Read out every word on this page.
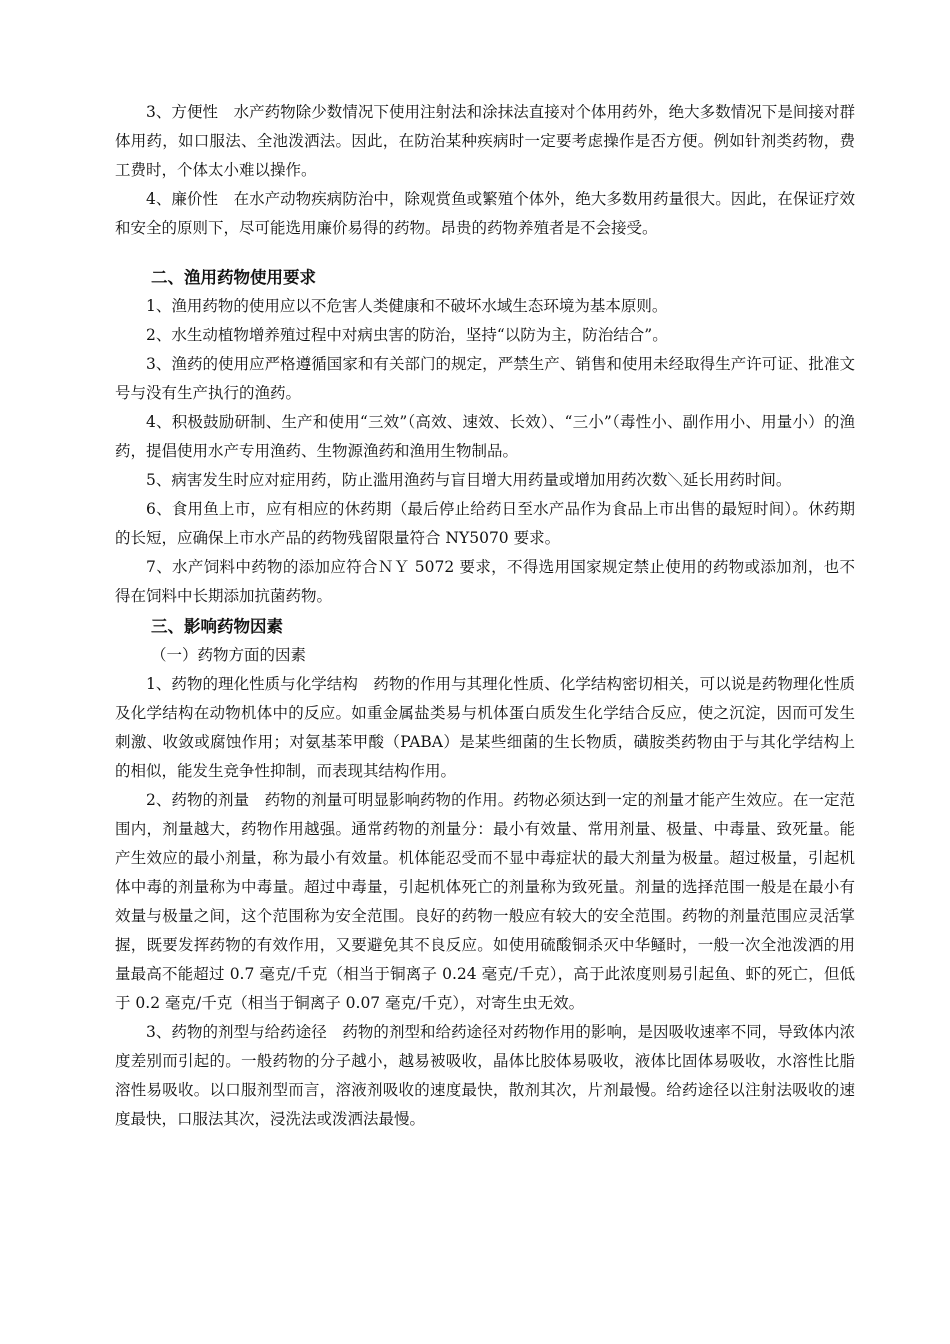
3、方便性　水产药物除少数情况下使用注射法和涂抹法直接对个体用药外，绝大多数情况下是间接对群体用药，如口服法、全池泼洒法。因此，在防治某种疾病时一定要考虑操作是否方便。例如针剂类药物，费工费时，个体太小难以操作。

4、廉价性　在水产动物疾病防治中，除观赏鱼或繁殖个体外，绝大多数用药量很大。因此，在保证疗效和安全的原则下，尽可能选用廉价易得的药物。昂贵的药物养殖者是不会接受。

二、渔用药物使用要求

1、渔用药物的使用应以不危害人类健康和不破坏水域生态环境为基本原则。

2、水生动植物增养殖过程中对病虫害的防治，坚持“以防为主，防治结合”。

3、渔药的使用应严格遵循国家和有关部门的规定，严禁生产、销售和使用未经取得生产许可证、批准文号与没有生产执行的渔药。

4、积极鼓励研制、生产和使用“三效”（高效、速效、长效）、“三小”（毒性小、副作用小、用量小）的渔药，提倡使用水产专用渔药、生物源渔药和渔用生物制品。

5、病害发生时应对症用药，防止滥用渔药与盲目增大用药量或增加用药次数＼延长用药时间。

6、食用鱼上市，应有相应的休药期（最后停止给药日至水产品作为食品上市出售的最短时间）。休药期的长短，应确保上市水产品的药物残留限量符合 NY5070 要求。

7、水产饲料中药物的添加应符合ＮＹ 5072 要求，不得选用国家规定禁止使用的药物或添加剂，也不得在饲料中长期添加抗菌药物。

三、影响药物因素

（一）药物方面的因素

1、药物的理化性质与化学结构　药物的作用与其理化性质、化学结构密切相关，可以说是药物理化性质及化学结构在动物机体中的反应。如重金属盐类易与机体蛋白质发生化学结合反应，使之沉淀，因而可发生刺激、收敛或腐蚀作用；对氨基苯甲酸（PABA）是某些细菌的生长物质，磺胺类药物由于与其化学结构上的相似，能发生竞争性抑制，而表现其结构作用。

2、药物的剂量　药物的剂量可明显影响药物的作用。药物必须达到一定的剂量才能产生效应。在一定范围内，剂量越大，药物作用越强。通常药物的剂量分：最小有效量、常用剂量、极量、中毒量、致死量。能产生效应的最小剂量，称为最小有效量。机体能忍受而不显中毒症状的最大剂量为极量。超过极量，引起机体中毒的剂量称为中毒量。超过中毒量，引起机体死亡的剂量称为致死量。剂量的选择范围一般是在最小有效量与极量之间，这个范围称为安全范围。良好的药物一般应有较大的安全范围。药物的剂量范围应灵活掌握，既要发挥药物的有效作用，又要避免其不良反应。如使用硫酸铜杀灭中华鳋时，一般一次全池泼洒的用量最高不能超过 0.7 毫克/千克（相当于铜离子 0.24 毫克/千克），高于此浓度则易引起鱼、虾的死亡，但低于 0.2 毫克/千克（相当于铜离子 0.07 毫克/千克），对寄生虫无效。

3、药物的剂型与给药途径　药物的剂型和给药途径对药物作用的影响，是因吸收速率不同，导致体内浓度差别而引起的。一般药物的分子越小，越易被吸收，晶体比胶体易吸收，液体比固体易吸收，水溶性比脂溶性易吸收。以口服剂型而言，溶液剂吸收的速度最快，散剂其次，片剂最慢。给药途径以注射法吸收的速度最快，口服法其次，浸洗法或泼洒法最慢。
